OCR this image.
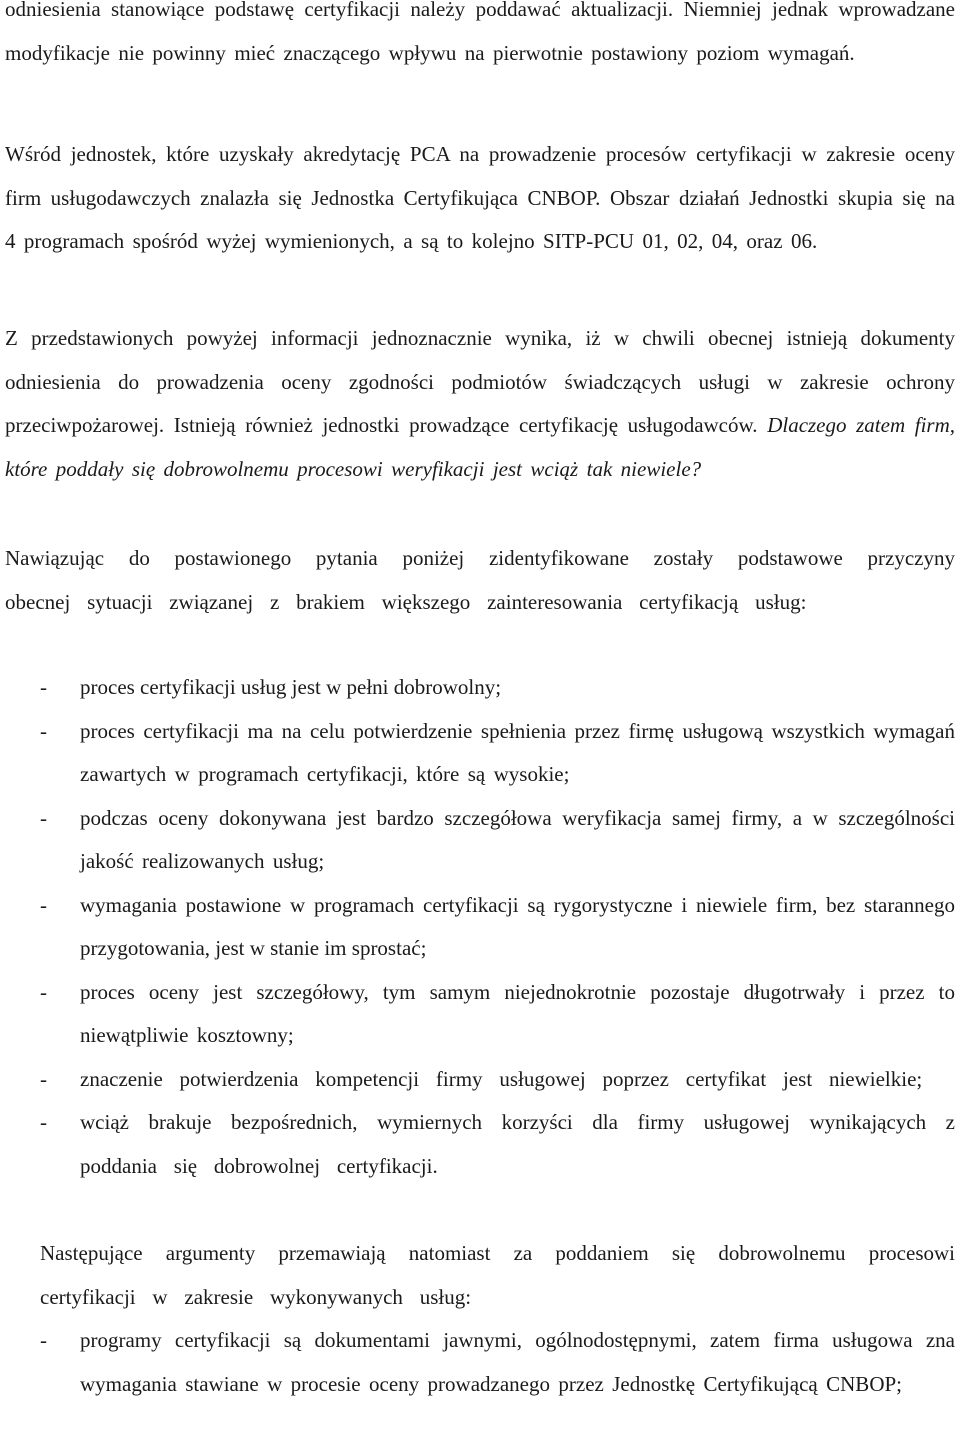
odniesienia stanowiące podstawę certyfikacji należy poddawać aktualizacji. Niemniej jednak wprowadzane modyfikacje nie powinny mieć znaczącego wpływu na pierwotnie postawiony poziom wymagań.

Wśród jednostek, które uzyskały akredytację PCA na prowadzenie procesów certyfikacji w zakresie oceny firm usługodawczych znalazła się Jednostka Certyfikująca CNBOP. Obszar działań Jednostki skupia się na 4 programach spośród wyżej wymienionych, a są to kolejno SITP-PCU 01, 02, 04, oraz 06.

Z przedstawionych powyżej informacji jednoznacznie wynika, iż w chwili obecnej istnieją dokumenty odniesienia do prowadzenia oceny zgodności podmiotów świadczących usługi w zakresie ochrony przeciwpożarowej. Istnieją również jednostki prowadzące certyfikację usługodawców. Dlaczego zatem firm, które poddały się dobrowolnemu procesowi weryfikacji jest wciąż tak niewiele?

Nawiązując do postawionego pytania poniżej zidentyfikowane zostały podstawowe przyczyny obecnej sytuacji związanej z brakiem większego zainteresowania certyfikacją usług:

- proces certyfikacji usług jest w pełni dobrowolny;
- proces certyfikacji ma na celu potwierdzenie spełnienia przez firmę usługową wszystkich wymagań zawartych w programach certyfikacji, które są wysokie;
- podczas oceny dokonywana jest bardzo szczegółowa weryfikacja samej firmy, a w szczególności jakość realizowanych usług;
- wymagania postawione w programach certyfikacji są rygorystyczne i niewiele firm, bez starannego przygotowania, jest w stanie im sprostać;
- proces oceny jest szczegółowy, tym samym niejednokrotnie pozostaje długotrwały i przez to niewątpliwie kosztowny;
- znaczenie potwierdzenia kompetencji firmy usługowej poprzez certyfikat jest niewielkie;
- wciąż brakuje bezpośrednich, wymiernych korzyści dla firmy usługowej wynikających z poddania się dobrowolnej certyfikacji.

Następujące argumenty przemawiają natomiast za poddaniem się dobrowolnemu procesowi certyfikacji w zakresie wykonywanych usług:

- programy certyfikacji są dokumentami jawnymi, ogólnodostępnymi, zatem firma usługowa zna wymagania stawiane w procesie oceny prowadzanego przez Jednostkę Certyfikującą CNBOP;
